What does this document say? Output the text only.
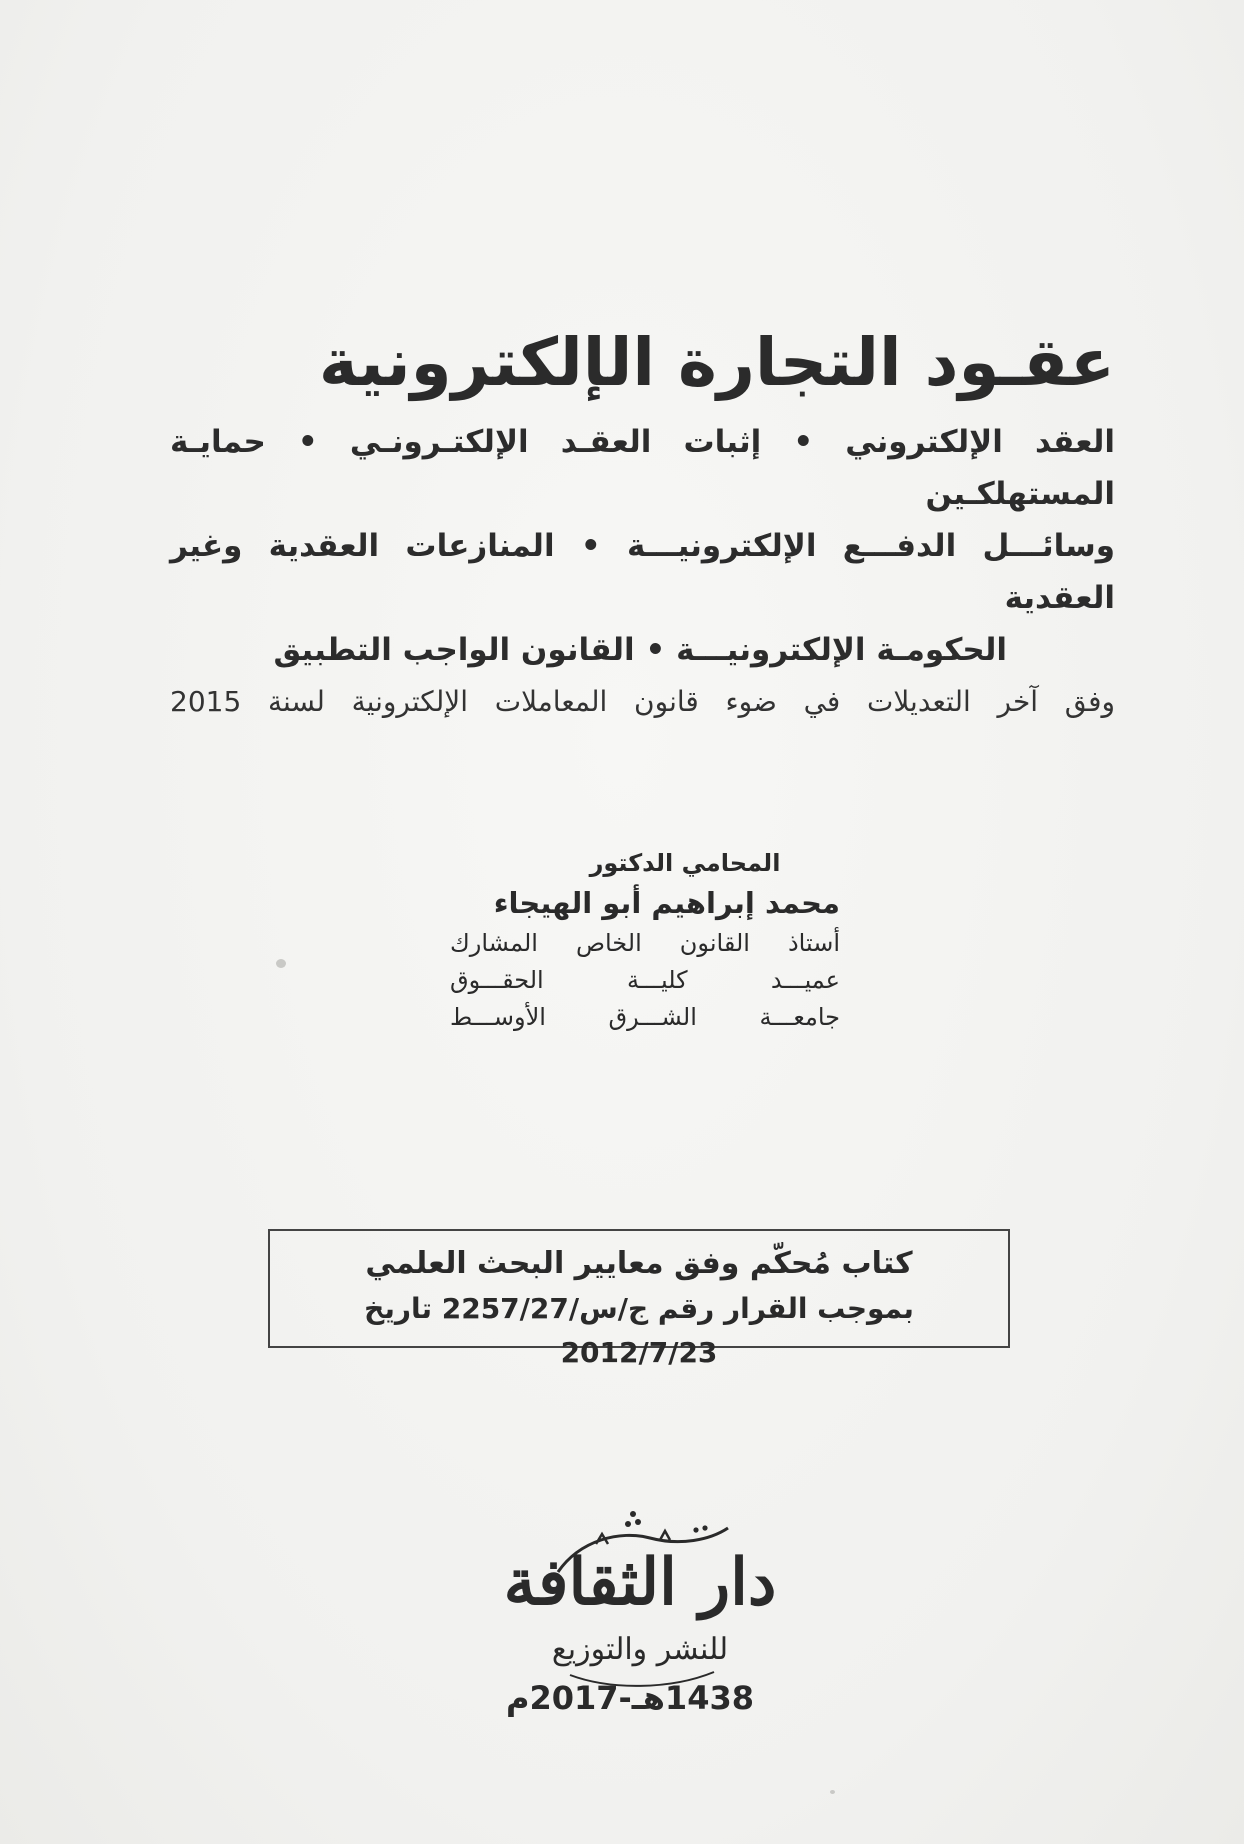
عقـود التجارة الإلكترونية
العقد الإلكتروني • إثبات العقـد الإلكتـرونـي • حمايـة المستهلكـين
وسائـــل الدفـــع الإلكترونيـــة • المنازعات العقدية وغير العقدية
الحكومـة الإلكترونيـــة • القانون الواجب التطبيق
وفق آخر التعديلات في ضوء قانون المعاملات الإلكترونية لسنة 2015
المحامي الدكتور
محمد إبراهيم أبو الهيجاء
أستاذ القانون الخاص المشارك
عميـــد كليـــة الحقـــوق
جامعـــة الشـــرق الأوســـط
كتاب مُحكّم وفق معايير البحث العلمي
بموجب القرار رقم ج/س/2257/27 تاريخ 2012/7/23
دار الثقافة
للنشر والتوزيع
1438هـ-2017م
